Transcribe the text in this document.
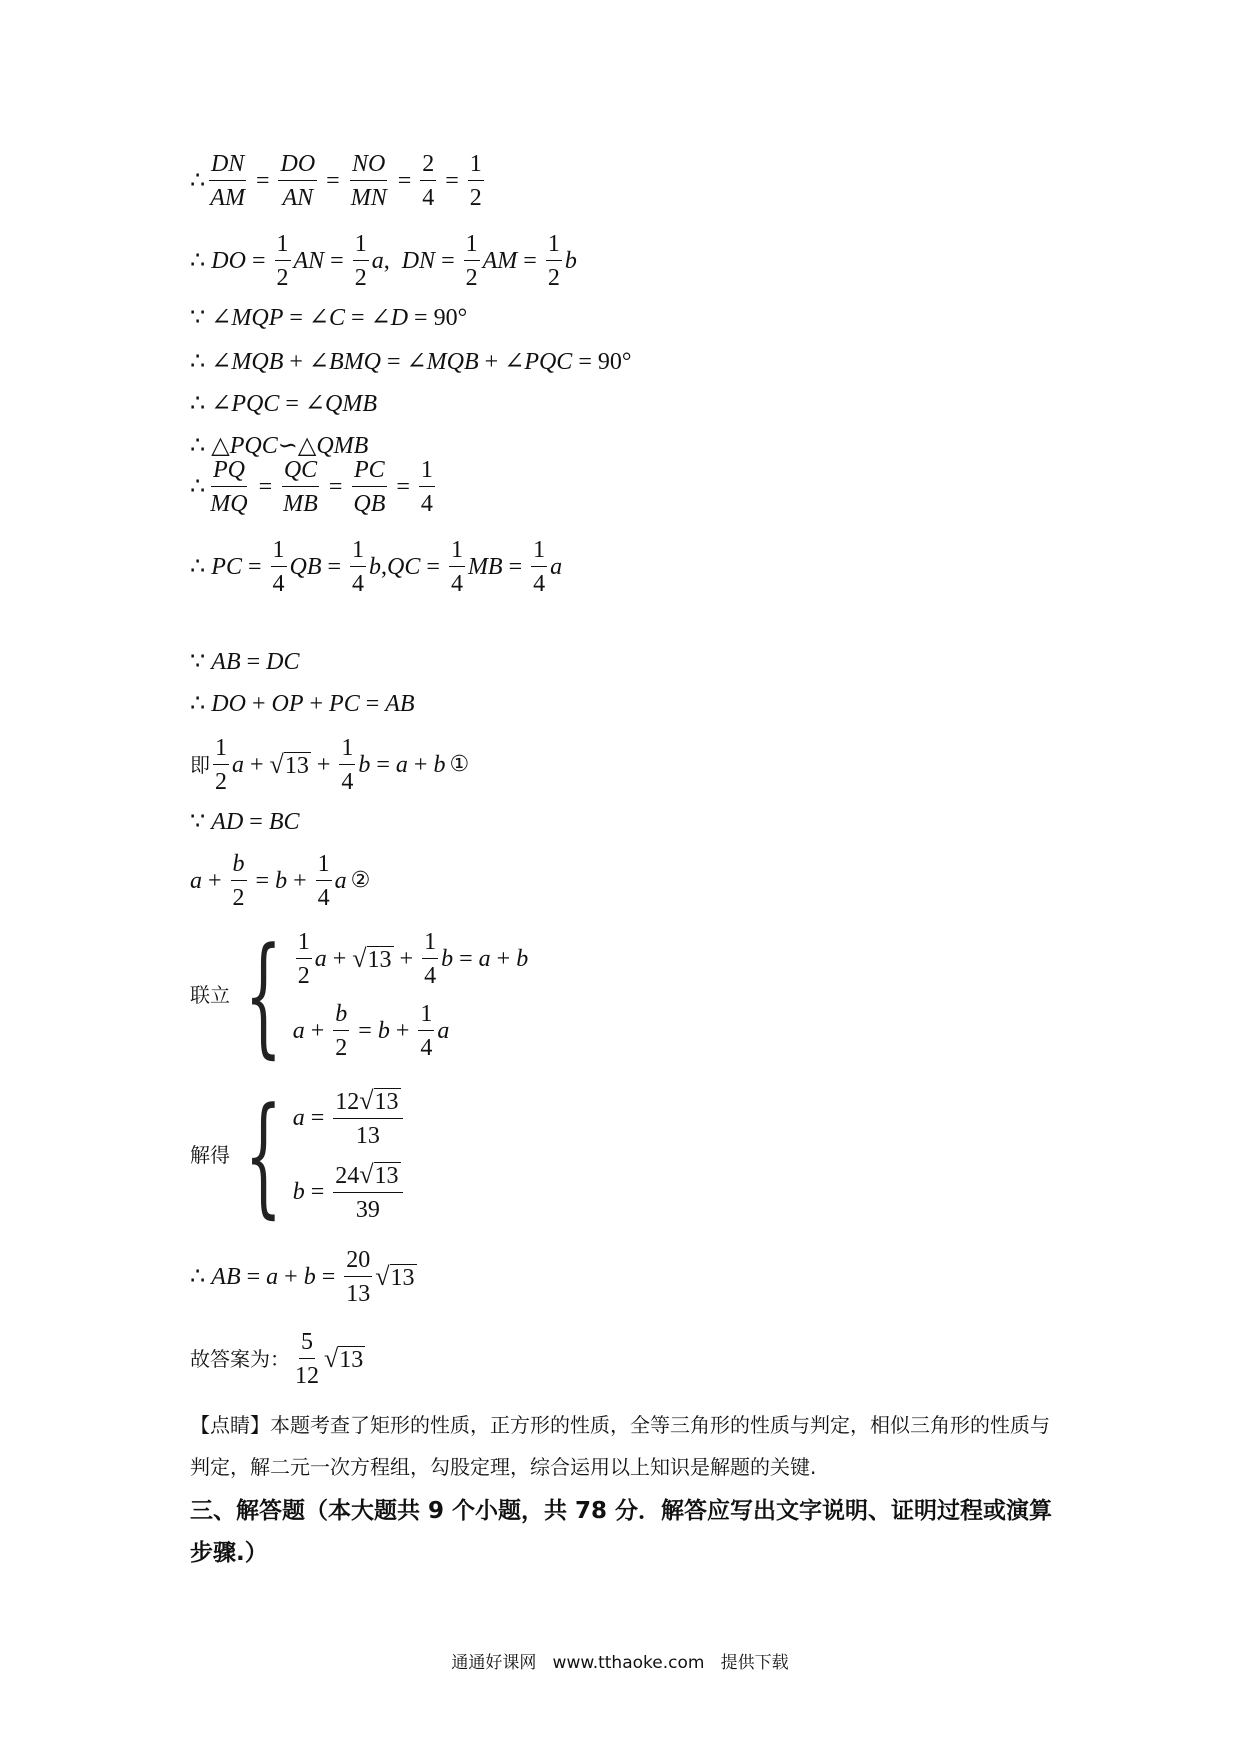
∴ $\frac{DN}{AM} = \frac{DO}{AN} = \frac{NO}{MN} = \frac{2}{4} = \frac{1}{2}$
∴
DO = $\frac{1}{2}$ AN = $\frac{1}{2}$ a , DN = $\frac{1}{2}$ AM = $\frac{1}{2}$ b
∵ ∠MQP = ∠C = ∠D = 90°
∴ ∠MQB + ∠BMQ = ∠MQB + ∠PQC = 90°
∴ ∠PQC = ∠QMB
∴ △PQC∽△QMB
∴ $\frac{PQ}{MQ} = \frac{QC}{MB} = \frac{PC}{QB} = \frac{1}{4}$
∴
PC = $\frac{1}{4}$ QB = $\frac{1}{4}$ b , QC = $\frac{1}{4}$ MB = $\frac{1}{4}$ a
∵ AB = DC
∴ DO + OP + PC = AB
即 $\frac{1}{2}$ a + √ $13 + \frac{1}{4}$ b = a + b ①
∵ AD = BC
$a + \frac{b}{2} = b + \frac{1}{4}$ a ②
联立 { $\frac{1}{2}$ a + √ $13 + \frac{1}{4}$ b = a + b
$a + \frac{b}{2} = b + \frac{1}{4}$ a
解得 { $a = \frac{12 √ 13}{13}$
$b = \frac{24 √ 13}{39}$
∴
AB = $a + b = \frac{20}{13}$ √ 13
故答案为： $\frac{5}{12}$ √ 13
【点睛】本题考查了矩形的性质，正方形的性质，全等三角形的性质与判定，相似三角形的性质与判定，解二元一次方程组，勾股定理，综合运用以上知识是解题的关键.
三、解答题（本大题共 9 个小题，共 78 分．解答应写出文字说明、证明过程或演算步骤.）
通通好课网 www.tthaoke.com 提供下载
